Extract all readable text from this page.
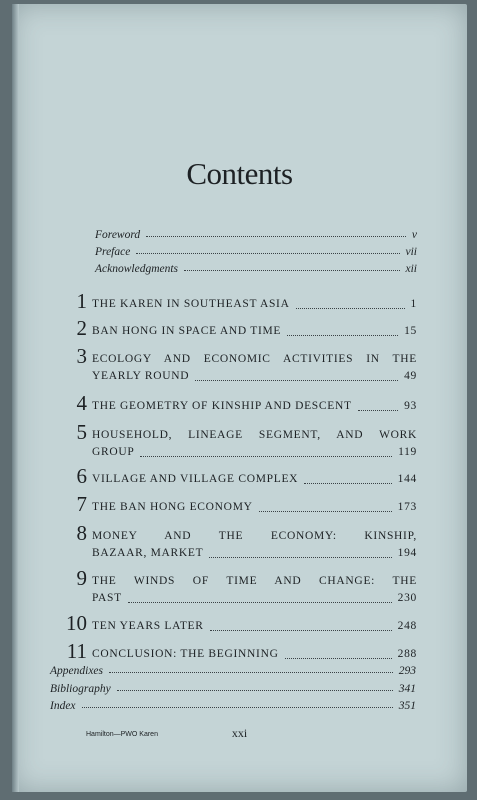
Contents
Foreword	v
Preface	vii
Acknowledgments	xii
1 THE KAREN IN SOUTHEAST ASIA	1
2 BAN HONG IN SPACE AND TIME	15
3 ECOLOGY AND ECONOMIC ACTIVITIES IN THE
YEARLY ROUND	49
4 THE GEOMETRY OF KINSHIP AND DESCENT	93
5 HOUSEHOLD, LINEAGE SEGMENT, AND WORK
GROUP	119
6 VILLAGE AND VILLAGE COMPLEX	144
7 THE BAN HONG ECONOMY	173
8 MONEY AND THE ECONOMY: KINSHIP,
BAZAAR, MARKET	194
9 THE WINDS OF TIME AND CHANGE: THE
PAST	230
10 TEN YEARS LATER	248
11 CONCLUSION: THE BEGINNING	288
Appendixes	293
Bibliography	341
Index	351
Hamilton—PWO Karen	xxi
